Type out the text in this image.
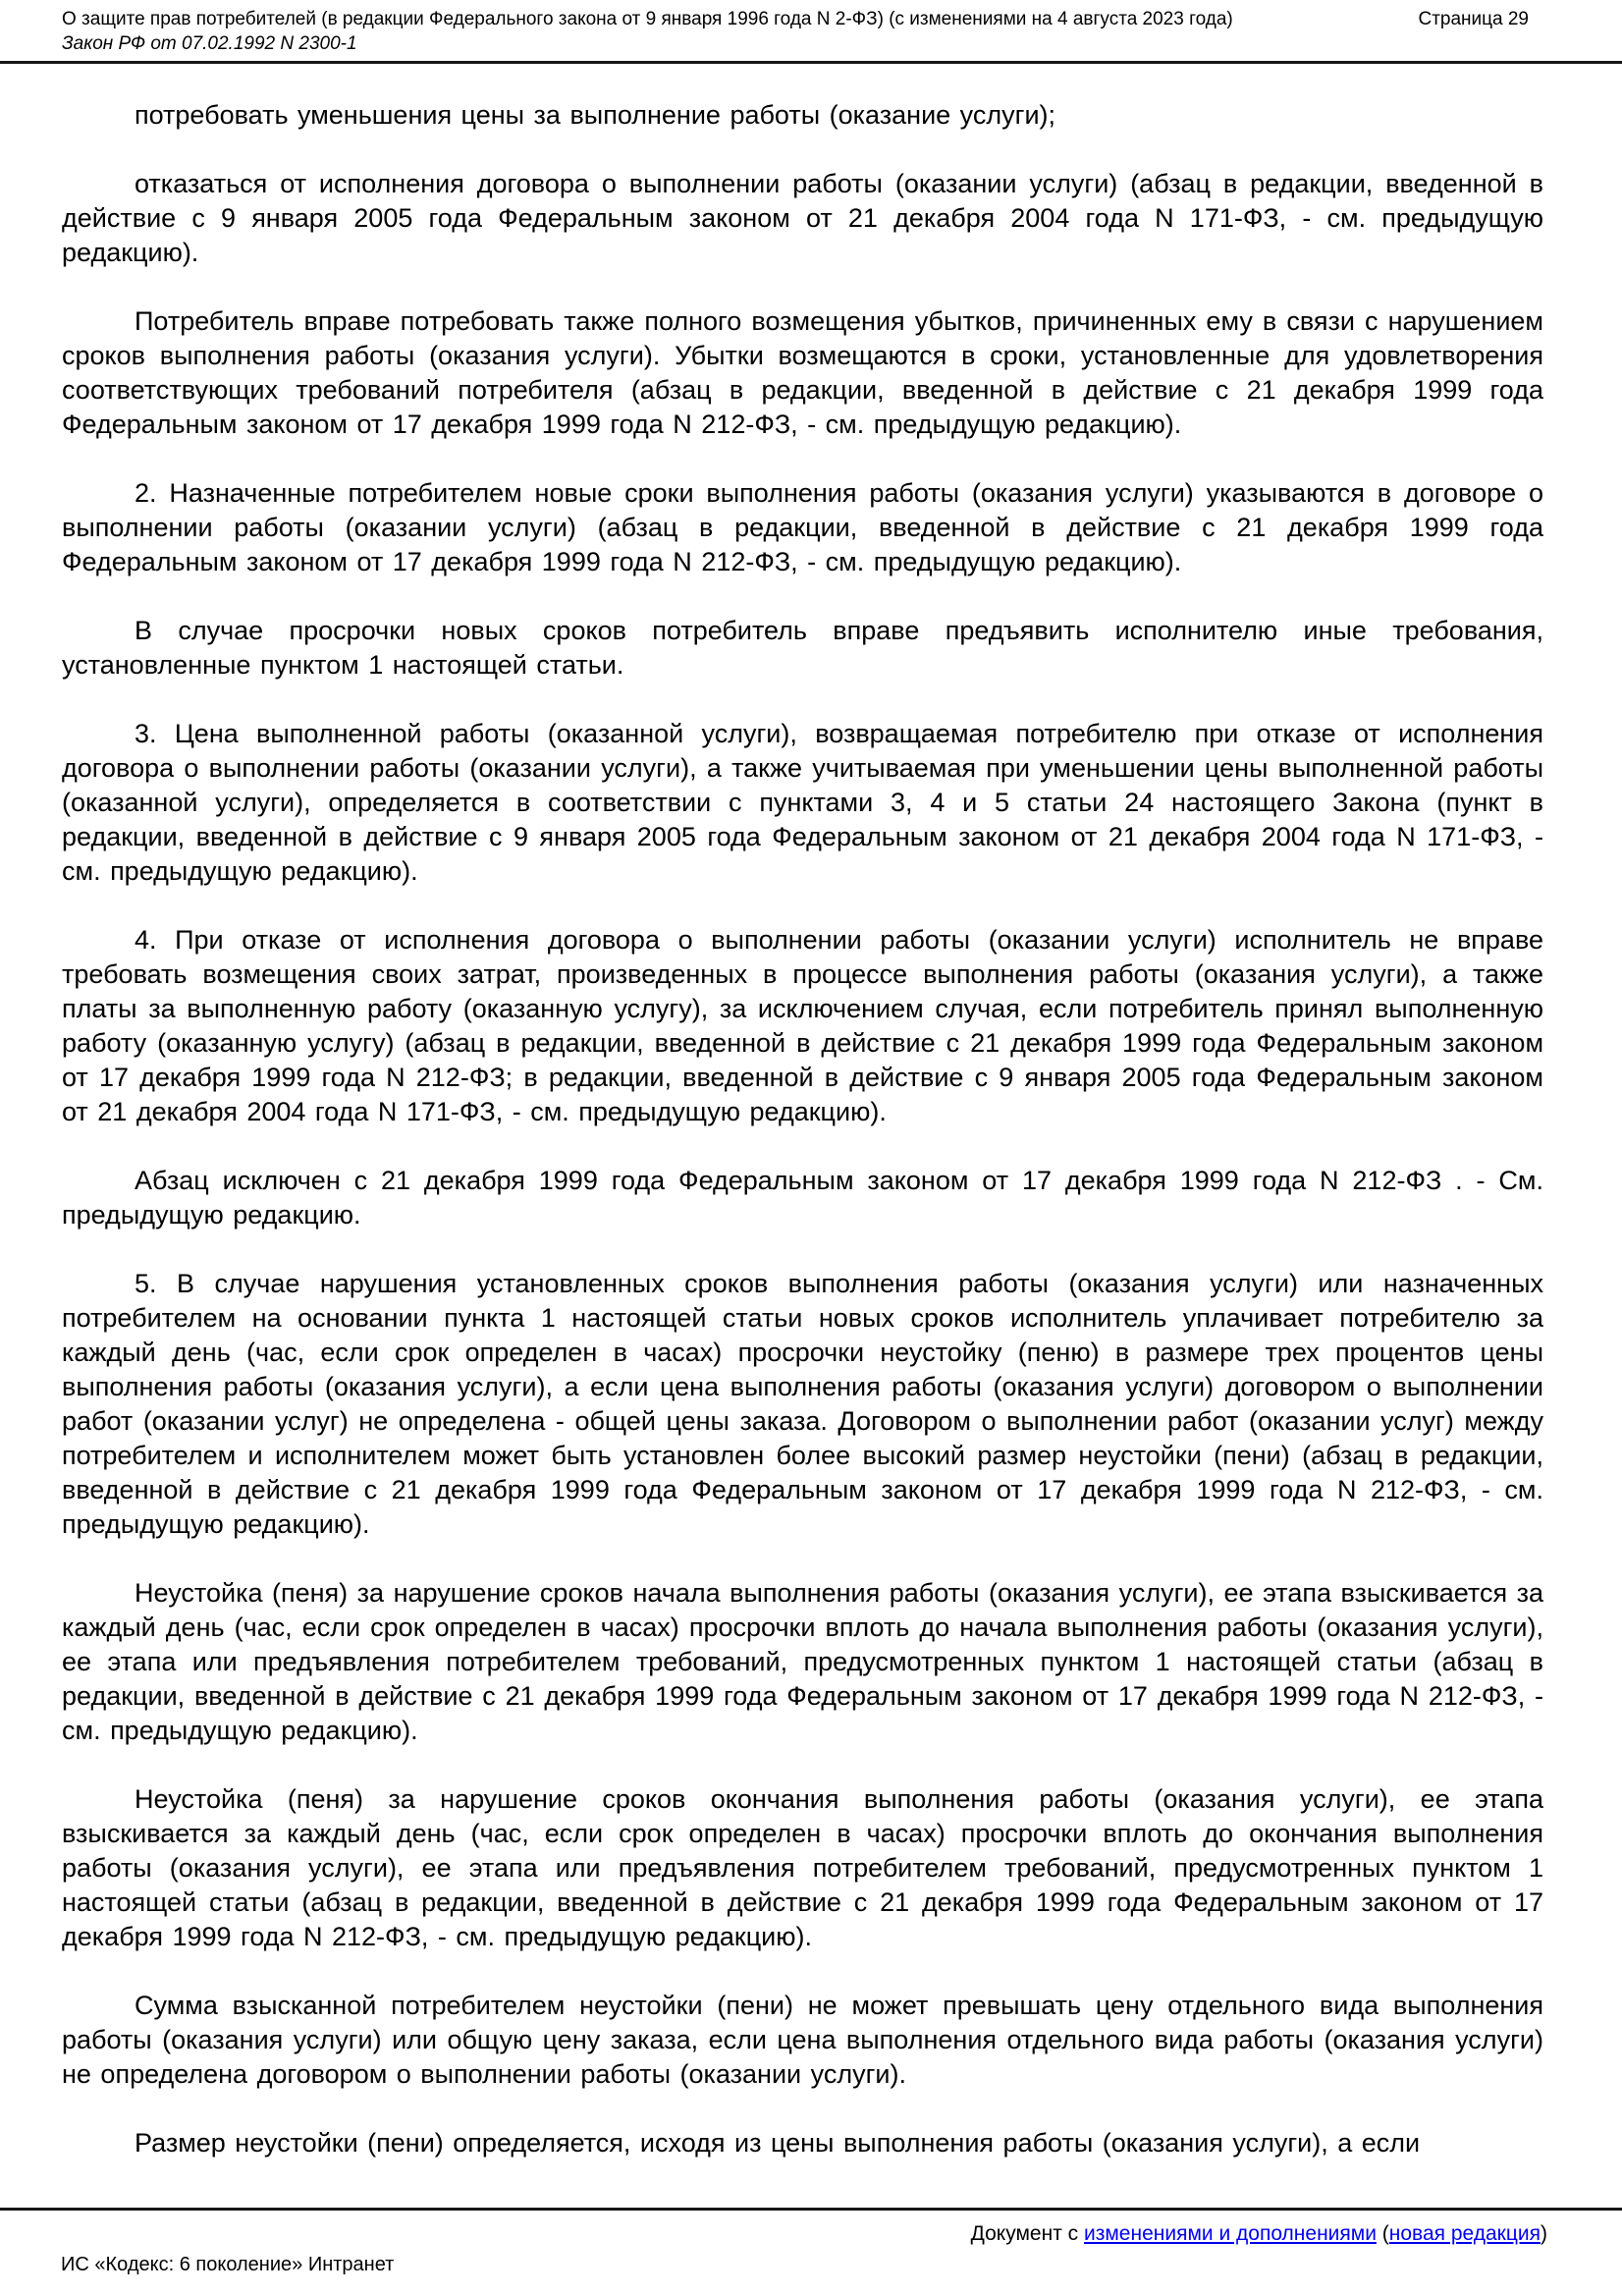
О защите прав потребителей (в редакции Федерального закона от 9 января 1996 года N 2-ФЗ) (с изменениями на 4 августа 2023 года)
Закон РФ от 07.02.1992 N 2300-1
Страница 29

потребовать уменьшения цены за выполнение работы (оказание услуги);

отказаться от исполнения договора о выполнении работы (оказании услуги) (абзац в редакции, введенной в действие с 9 января 2005 года Федеральным законом от 21 декабря 2004 года N 171-ФЗ, - см. предыдущую редакцию).

Потребитель вправе потребовать также полного возмещения убытков, причиненных ему в связи с нарушением сроков выполнения работы (оказания услуги). Убытки возмещаются в сроки, установленные для удовлетворения соответствующих требований потребителя (абзац в редакции, введенной в действие с 21 декабря 1999 года Федеральным законом от 17 декабря 1999 года N 212-ФЗ, - см. предыдущую редакцию).

2. Назначенные потребителем новые сроки выполнения работы (оказания услуги) указываются в договоре о выполнении работы (оказании услуги) (абзац в редакции, введенной в действие с 21 декабря 1999 года Федеральным законом от 17 декабря 1999 года N 212-ФЗ, - см. предыдущую редакцию).

В случае просрочки новых сроков потребитель вправе предъявить исполнителю иные требования, установленные пунктом 1 настоящей статьи.

3. Цена выполненной работы (оказанной услуги), возвращаемая потребителю при отказе от исполнения договора о выполнении работы (оказании услуги), а также учитываемая при уменьшении цены выполненной работы (оказанной услуги), определяется в соответствии с пунктами 3, 4 и 5 статьи 24 настоящего Закона (пункт в редакции, введенной в действие с 9 января 2005 года Федеральным законом от 21 декабря 2004 года N 171-ФЗ, - см. предыдущую редакцию).

4. При отказе от исполнения договора о выполнении работы (оказании услуги) исполнитель не вправе требовать возмещения своих затрат, произведенных в процессе выполнения работы (оказания услуги), а также платы за выполненную работу (оказанную услугу), за исключением случая, если потребитель принял выполненную работу (оказанную услугу) (абзац в редакции, введенной в действие с 21 декабря 1999 года Федеральным законом от 17 декабря 1999 года N 212-ФЗ; в редакции, введенной в действие с 9 января 2005 года Федеральным законом от 21 декабря 2004 года N 171-ФЗ, - см. предыдущую редакцию).

Абзац исключен с 21 декабря 1999 года Федеральным законом от 17 декабря 1999 года N 212-ФЗ . - См. предыдущую редакцию.

5. В случае нарушения установленных сроков выполнения работы (оказания услуги) или назначенных потребителем на основании пункта 1 настоящей статьи новых сроков исполнитель уплачивает потребителю за каждый день (час, если срок определен в часах) просрочки неустойку (пеню) в размере трех процентов цены выполнения работы (оказания услуги), а если цена выполнения работы (оказания услуги) договором о выполнении работ (оказании услуг) не определена - общей цены заказа. Договором о выполнении работ (оказании услуг) между потребителем и исполнителем может быть установлен более высокий размер неустойки (пени) (абзац в редакции, введенной в действие с 21 декабря 1999 года Федеральным законом от 17 декабря 1999 года N 212-ФЗ, - см. предыдущую редакцию).

Неустойка (пеня) за нарушение сроков начала выполнения работы (оказания услуги), ее этапа взыскивается за каждый день (час, если срок определен в часах) просрочки вплоть до начала выполнения работы (оказания услуги), ее этапа или предъявления потребителем требований, предусмотренных пунктом 1 настоящей статьи (абзац в редакции, введенной в действие с 21 декабря 1999 года Федеральным законом от 17 декабря 1999 года N 212-ФЗ, - см. предыдущую редакцию).

Неустойка (пеня) за нарушение сроков окончания выполнения работы (оказания услуги), ее этапа взыскивается за каждый день (час, если срок определен в часах) просрочки вплоть до окончания выполнения работы (оказания услуги), ее этапа или предъявления потребителем требований, предусмотренных пунктом 1 настоящей статьи (абзац в редакции, введенной в действие с 21 декабря 1999 года Федеральным законом от 17 декабря 1999 года N 212-ФЗ, - см. предыдущую редакцию).

Сумма взысканной потребителем неустойки (пени) не может превышать цену отдельного вида выполнения работы (оказания услуги) или общую цену заказа, если цена выполнения отдельного вида работы (оказания услуги) не определена договором о выполнении работы (оказании услуги).

Размер неустойки (пени) определяется, исходя из цены выполнения работы (оказания услуги), а если

Документ с изменениями и дополнениями (новая редакция)
ИС «Кодекс: 6 поколение» Интранет
